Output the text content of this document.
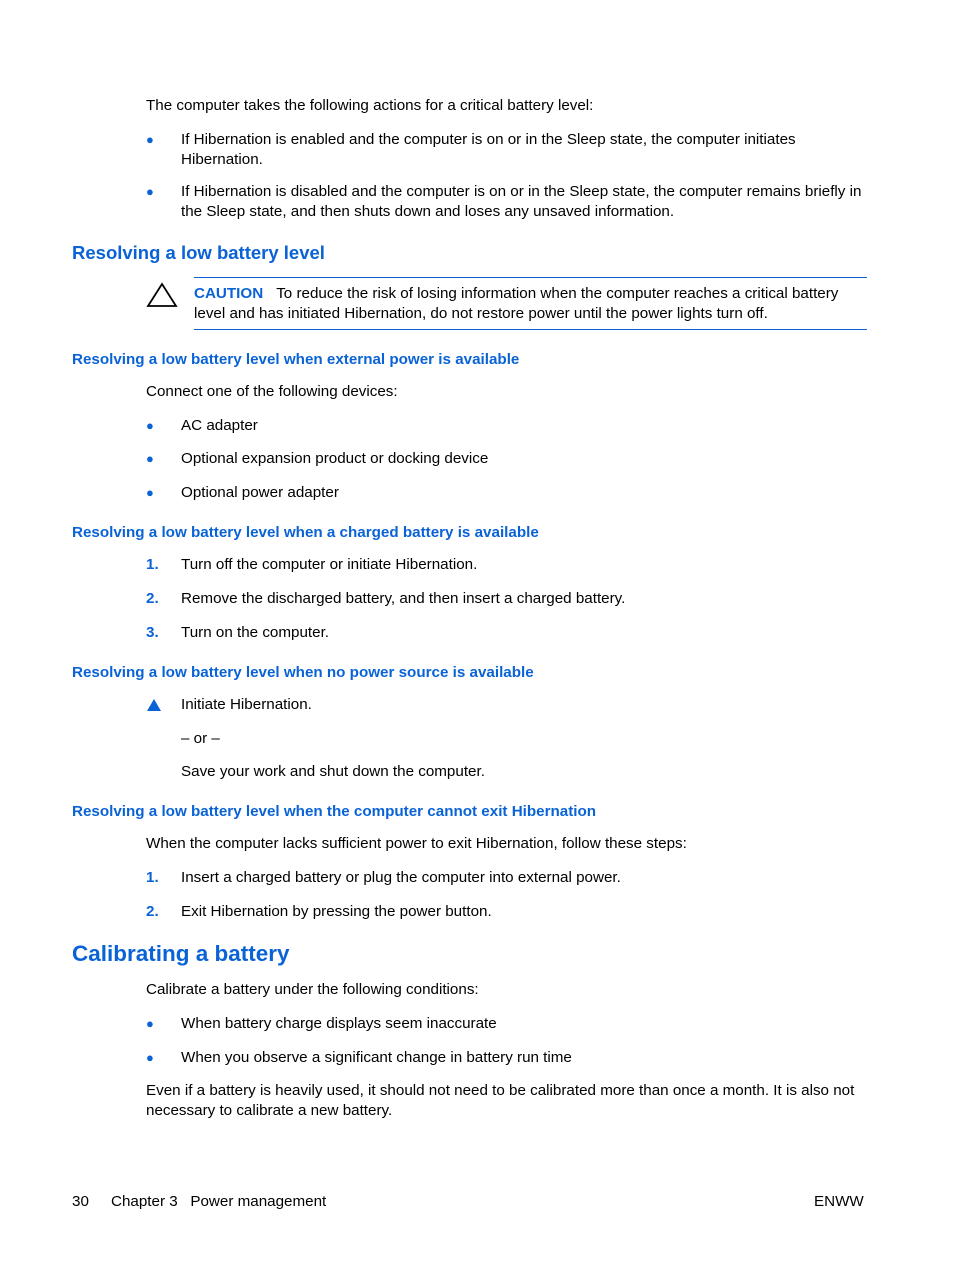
The computer takes the following actions for a critical battery level:
● If Hibernation is enabled and the computer is on or in the Sleep state, the computer initiates Hibernation.
● If Hibernation is disabled and the computer is on or in the Sleep state, the computer remains briefly in the Sleep state, and then shuts down and loses any unsaved information.
Resolving a low battery level
CAUTION To reduce the risk of losing information when the computer reaches a critical battery level and has initiated Hibernation, do not restore power until the power lights turn off.
Resolving a low battery level when external power is available
Connect one of the following devices:
● AC adapter
● Optional expansion product or docking device
● Optional power adapter
Resolving a low battery level when a charged battery is available
1. Turn off the computer or initiate Hibernation.
2. Remove the discharged battery, and then insert a charged battery.
3. Turn on the computer.
Resolving a low battery level when no power source is available
Initiate Hibernation.
– or –
Save your work and shut down the computer.
Resolving a low battery level when the computer cannot exit Hibernation
When the computer lacks sufficient power to exit Hibernation, follow these steps:
1. Insert a charged battery or plug the computer into external power.
2. Exit Hibernation by pressing the power button.
Calibrating a battery
Calibrate a battery under the following conditions:
● When battery charge displays seem inaccurate
● When you observe a significant change in battery run time
Even if a battery is heavily used, it should not need to be calibrated more than once a month. It is also not necessary to calibrate a new battery.
30 Chapter 3   Power management	ENWW
